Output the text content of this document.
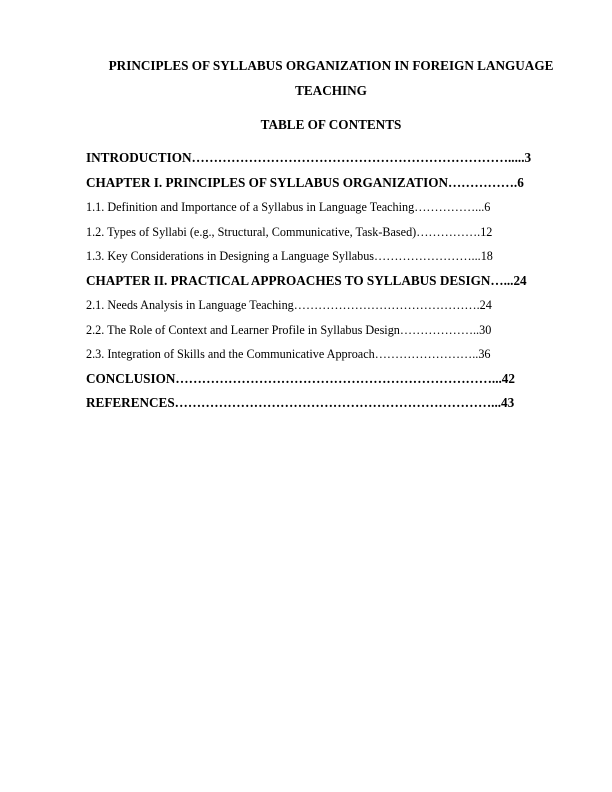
PRINCIPLES OF SYLLABUS ORGANIZATION IN FOREIGN LANGUAGE TEACHING
TABLE OF CONTENTS
INTRODUCTION……………………………………………………………….....3
CHAPTER I. PRINCIPLES OF SYLLABUS ORGANIZATION…………….6
1.1. Definition and Importance of a Syllabus in Language Teaching……………...6
1.2. Types of Syllabi (e.g., Structural, Communicative, Task-Based)…………….12
1.3. Key Considerations in Designing a Language Syllabus……………………...18
CHAPTER II. PRACTICAL APPROACHES TO SYLLABUS DESIGN…...24
2.1. Needs Analysis in Language Teaching……………………………………….24
2.2. The Role of Context and Learner Profile in Syllabus Design………………..30
2.3. Integration of Skills and the Communicative Approach……………………..36
CONCLUSION………………………………………………………………...42
REFERENCES………………………………………………………………...43
